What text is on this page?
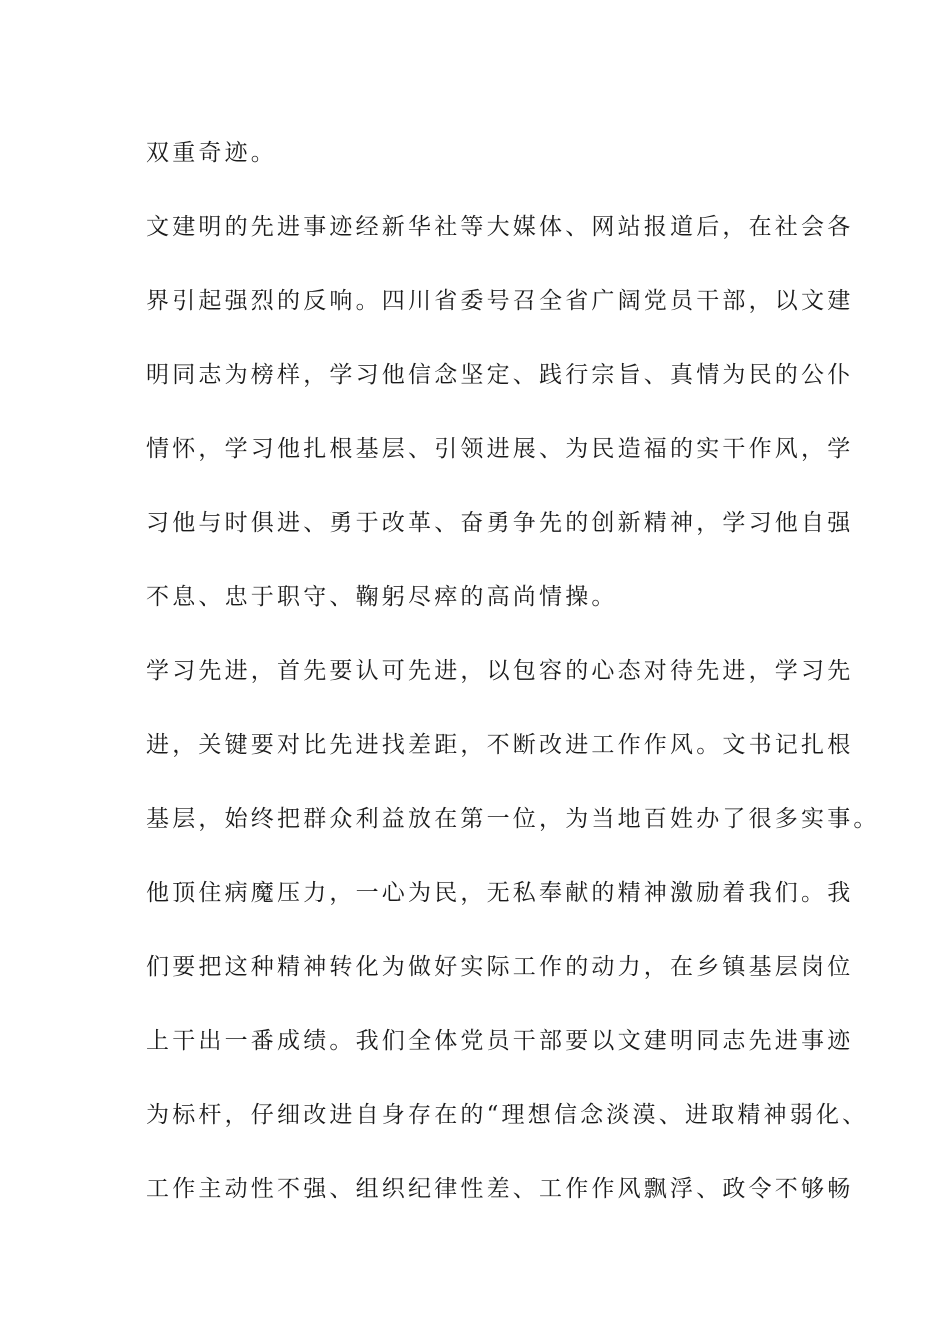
双重奇迹。
文建明的先进事迹经新华社等大媒体、网站报道后，在社会各
界引起强烈的反响。四川省委号召全省广阔党员干部，以文建
明同志为榜样，学习他信念坚定、践行宗旨、真情为民的公仆
情怀，学习他扎根基层、引领进展、为民造福的实干作风，学
习他与时俱进、勇于改革、奋勇争先的创新精神，学习他自强
不息、忠于职守、鞠躬尽瘁的高尚情操。
学习先进，首先要认可先进，以包容的心态对待先进，学习先
进，关键要对比先进找差距，不断改进工作作风。文书记扎根
基层，始终把群众利益放在第一位，为当地百姓办了很多实事。
他顶住病魔压力，一心为民，无私奉献的精神激励着我们。我
们要把这种精神转化为做好实际工作的动力，在乡镇基层岗位
上干出一番成绩。我们全体党员干部要以文建明同志先进事迹
为标杆，仔细改进自身存在的“理想信念淡漠、进取精神弱化、
工作主动性不强、组织纪律性差、工作作风飘浮、政令不够畅
